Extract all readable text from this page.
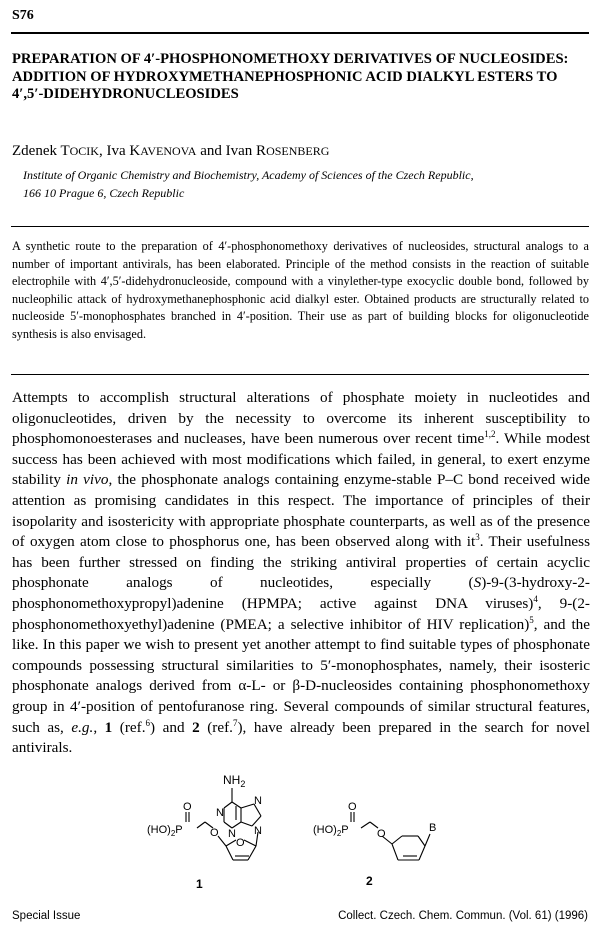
S76
PREPARATION OF 4′-PHOSPHONOMETHOXY DERIVATIVES OF NUCLEOSIDES: ADDITION OF HYDROXYMETHANEPHOSPHONIC ACID DIALKYL ESTERS TO 4′,5′-DIDEHYDRONUCLEOSIDES

Zdenek TOCIK, Iva KAVENOVA and Ivan ROSENBERG

Institute of Organic Chemistry and Biochemistry, Academy of Sciences of the Czech Republic,
166 10 Prague 6, Czech Republic

A synthetic route to the preparation of 4′-phosphonomethoxy derivatives of nucleosides, structural analogs to a number of important antivirals, has been elaborated. Principle of the method consists in the reaction of suitable electrophile with 4′,5′-didehydronucleoside, compound with a vinylether-type exocyclic double bond, followed by nucleophilic attack of hydroxymethanephosphonic acid dialkyl ester. Obtained products are structurally related to nucleoside 5′-monophosphates branched in 4′-position. Their use as part of building blocks for oligonucleotide synthesis is also envisaged.

Attempts to accomplish structural alterations of phosphate moiety in nucleotides and oligonucleotides, driven by the necessity to overcome its inherent susceptibility to phosphomonoesterases and nucleases, have been numerous over recent time$^{1,2}$. While modest success has been achieved with most modifications which failed, in general, to exert enzyme stability in vivo, the phosphonate analogs containing enzyme-stable P–C bond received wide attention as promising candidates in this respect. The importance of principles of their isopolarity and isostericity with appropriate phosphate counterparts, as well as of the presence of oxygen atom close to phosphorus one, has been observed along with $it^3$. Their usefulness has been further stressed on finding the striking antiviral properties of certain acyclic phosphonate analogs of nucleotides, especially (S)-9-(3-hydroxy-2-phosphonomethoxypropyl)adenine (HPMPA; active against DNA viruses)$^4$, 9-(2-phosphonomethoxyethyl)adenine (PMEA; a selective inhibitor of HIV replication)$^5$, and the like. In this paper we wish to present yet another attempt to find suitable types of phosphonate compounds possessing structural similarities to 5′-monophosphates, namely, their isosteric phosphonate analogs derived from α-L- or β-D-nucleosides containing phosphonomethoxy group in 4′-position of pentofuranose ring. Several compounds of similar structural features, such as, e.g., 1 (ref.$^6$) and 2 (ref.$^7$), have already been prepared in the search for novel antivirals.

$NH_2$
N
N
N N
O
O
O
$(HO)_2P$
1
O
$(HO)_2P$	O	B
2
Special Issue	Collect. Czech. Chem. Commun. (Vol. 61) (1996)
